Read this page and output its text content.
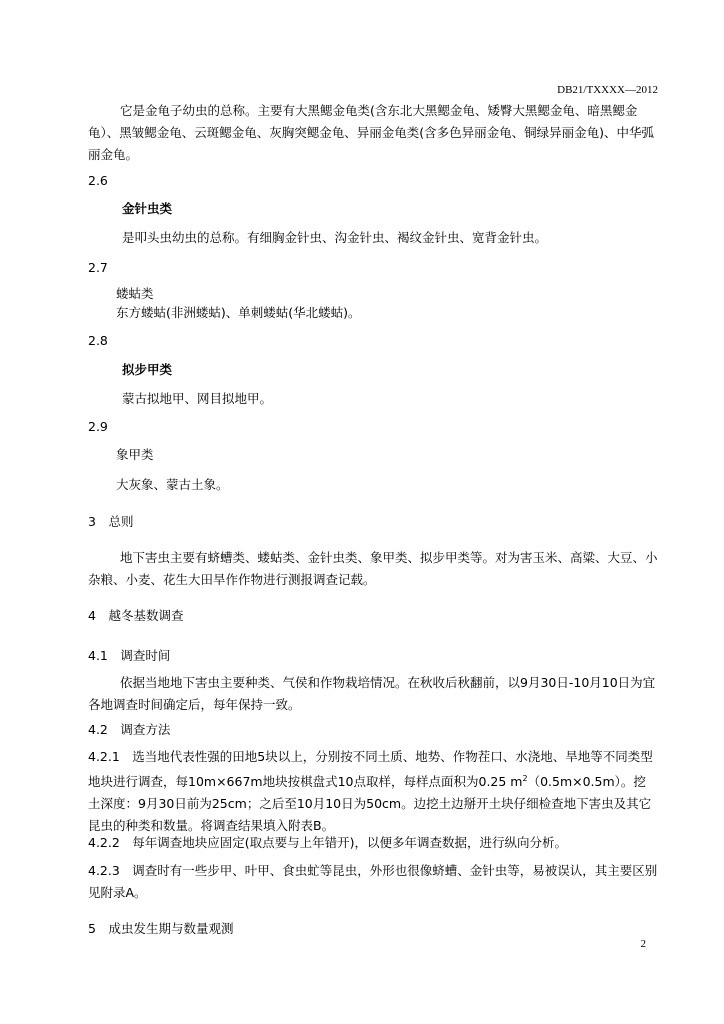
DB21/TXXXX—2012
它是金龟子幼虫的总称。主要有大黑鳃金龟类(含东北大黑鳃金龟、矮臀大黑鳃金龟、暗黑鳃金龟）、黑皱鳃金龟、云斑鳃金龟、灰胸突鳃金龟、异丽金龟类(含多色异丽金龟、铜绿异丽金龟)、中华弧丽金龟。
2.6
金针虫类
是叩头虫幼虫的总称。有细胸金针虫、沟金针虫、褐纹金针虫、宽背金针虫。
2.7
蝼蛄类
东方蝼蛄(非洲蝼蛄)、单刺蝼蛄(华北蝼蛄)。
2.8
拟步甲类
蒙古拟地甲、网目拟地甲。
2.9
象甲类
大灰象、蒙古土象。
3　总则
地下害虫主要有蛴螬类、蝼蛄类、金针虫类、象甲类、拟步甲类等。对为害玉米、高粱、大豆、小杂粮、小麦、花生大田旱作作物进行测报调查记载。
4　越冬基数调查
4.1　调查时间
依据当地地下害虫主要种类、气侯和作物栽培情况。在秋收后秋翻前，以9月30日-10月10日为宜各地调查时间确定后，每年保持一致。
4.2　调查方法
4.2.1　选当地代表性强的田地5块以上，分别按不同土质、地势、作物茬口、水浇地、旱地等不同类型地块进行调查，每10m×667m地块按棋盘式10点取样，每样点面积为0.25 $m^2(0.5m\times 0.5m)$。挖土深度：9月30日前为25cm；之后至10月10日为50cm。边挖土边掰开土块仔细检查地下害虫及其它昆虫的种类和数量。将调查结果填入附表B。
4.2.2　每年调查地块应固定(取点要与上年错开)，以便多年调查数据，进行纵向分析。
4.2.3　调查时有一些步甲、叶甲、食虫虻等昆虫，外形也很像蛴螬、金针虫等，易被误认，其主要区别见附录A。
5　成虫发生期与数量观测
2
